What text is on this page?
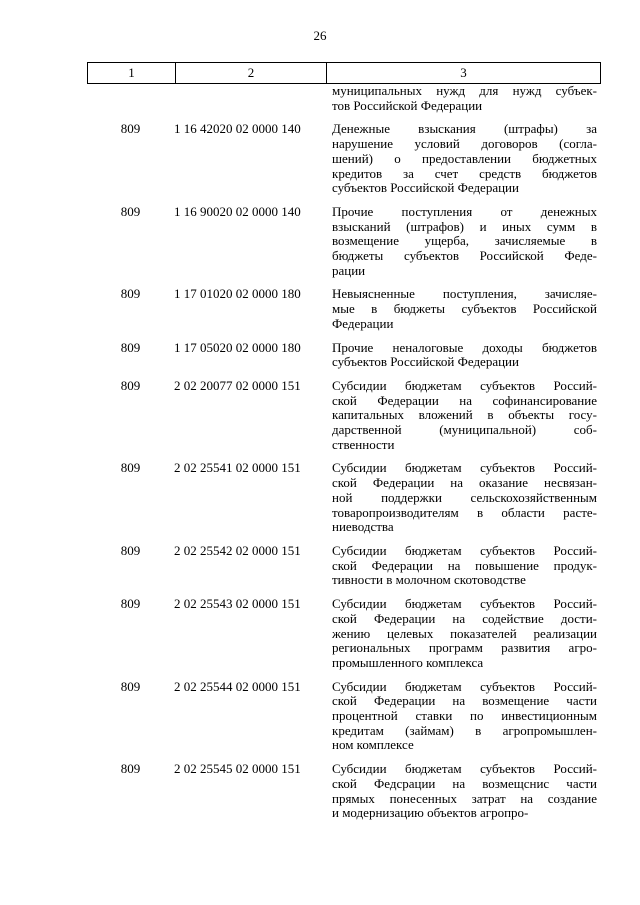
26
1	2	3
муниципальных нужд для нужд субъек-
тов Российской Федерации
809	1 16 42020 02 0000 140	Денежные взыскания (штрафы) за
нарушение условий договоров (согла-
шений) о предоставлении бюджетных
кредитов за счет средств бюджетов
субъектов Российской Федерации
809	1 16 90020 02 0000 140	Прочие поступления от денежных
взысканий (штрафов) и иных сумм в
возмещение ущерба, зачисляемые в
бюджеты субъектов Российской Феде-
рации
809	1 17 01020 02 0000 180	Невыясненные поступления, зачисляе-
мые в бюджеты субъектов Российской
Федерации
809	1 17 05020 02 0000 180	Прочие неналоговые доходы бюджетов
субъектов Российской Федерации
809	2 02 20077 02 0000 151	Субсидии бюджетам субъектов Россий-
ской Федерации на софинансирование
капитальных вложений в объекты госу-
дарственной (муниципальной) соб-
ственности
809	2 02 25541 02 0000 151	Субсидии бюджетам субъектов Россий-
ской Федерации на оказание несвязан-
ной поддержки сельскохозяйственным
товаропроизводителям в области расте-
ниеводства
809	2 02 25542 02 0000 151	Субсидии бюджетам субъектов Россий-
ской Федерации на повышение продук-
тивности в молочном скотоводстве
809	2 02 25543 02 0000 151	Субсидии бюджетам субъектов Россий-
ской Федерации на содействие дости-
жению целевых показателей реализации
региональных программ развития агро-
промышленного комплекса
809	2 02 25544 02 0000 151	Субсидии бюджетам субъектов Россий-
ской Федерации на возмещение части
процентной ставки по инвестиционным
кредитам (займам) в агропромышлен-
ном комплексе
809	2 02 25545 02 0000 151	Субсидии бюджетам субъектов Россий-
ской Федсрации на возмещснис части
прямых понесенных затрат на создание
и модернизацию объектов агропро-
